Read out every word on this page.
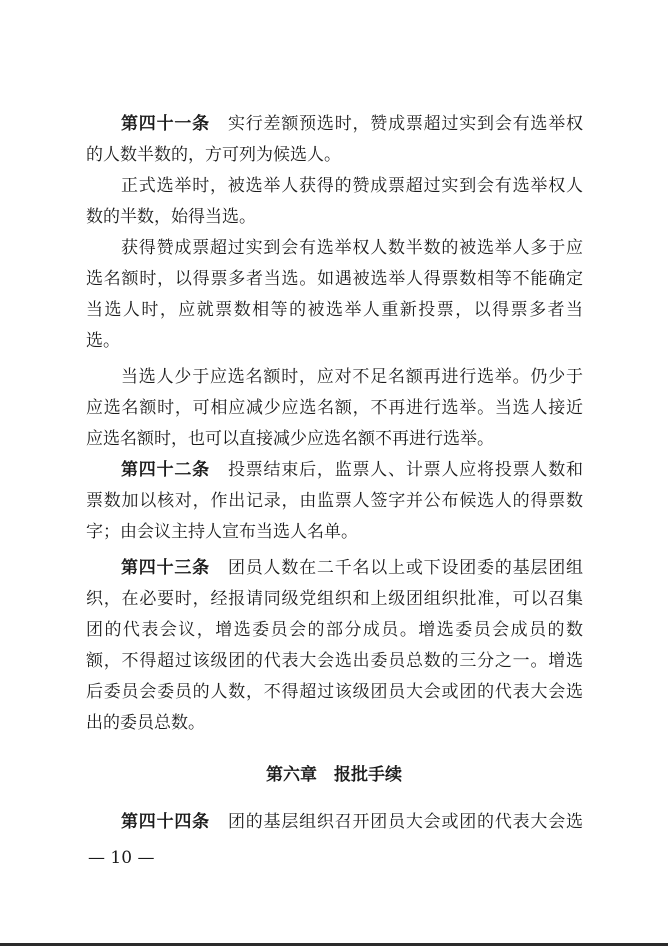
第四十一条 实行差额预选时，赞成票超过实到会有选举权
的人数半数的，方可列为候选人。
正式选举时，被选举人获得的赞成票超过实到会有选举权人
数的半数，始得当选。
获得赞成票超过实到会有选举权人数半数的被选举人多于应
选名额时，以得票多者当选。如遇被选举人得票数相等不能确定
当选人时，应就票数相等的被选举人重新投票，以得票多者当
选。
当选人少于应选名额时，应对不足名额再进行选举。仍少于
应选名额时，可相应减少应选名额，不再进行选举。当选人接近
应选名额时，也可以直接减少应选名额不再进行选举。
第四十二条 投票结束后，监票人、计票人应将投票人数和
票数加以核对，作出记录，由监票人签字并公布候选人的得票数
字；由会议主持人宣布当选人名单。
第四十三条 团员人数在二千名以上或下设团委的基层团组
织，在必要时，经报请同级党组织和上级团组织批准，可以召集
团的代表会议，增选委员会的部分成员。增选委员会成员的数
额，不得超过该级团的代表大会选出委员总数的三分之一。增选
后委员会委员的人数，不得超过该级团员大会或团的代表大会选
出的委员总数。
第六章　报批手续
第四十四条 团的基层组织召开团员大会或团的代表大会选
— 10 —
